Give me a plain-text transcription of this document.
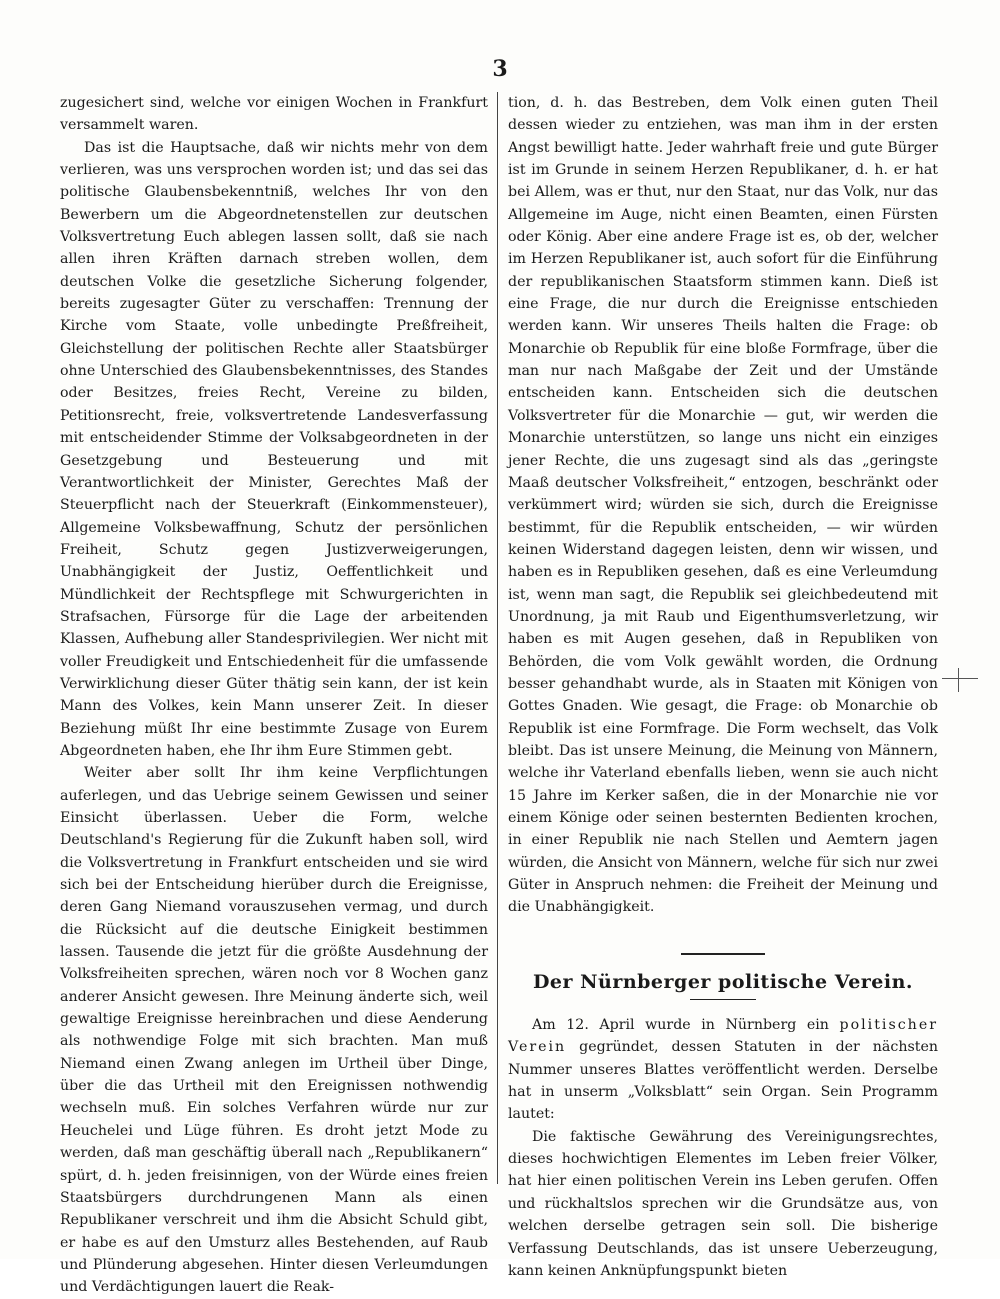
3

zugesichert sind, welche vor einigen Wochen in Frankfurt versammelt waren.

Das ist die Hauptsache, daß wir nichts mehr von dem verlieren, was uns versprochen worden ist; und das sei das politische Glaubensbekenntniß, welches Ihr von den Bewerbern um die Abgeordnetenstellen zur deutschen Volksvertretung Euch ablegen lassen sollt, daß sie nach allen ihren Kräften darnach streben wollen, dem deutschen Volke die gesetzliche Sicherung folgender, bereits zugesagter Güter zu verschaffen: Trennung der Kirche vom Staate, volle unbedingte Preßfreiheit, Gleichstellung der politischen Rechte aller Staatsbürger ohne Unterschied des Glaubensbekenntnisses, des Standes oder Besitzes, freies Recht, Vereine zu bilden, Petitionsrecht, freie, volksvertretende Landesverfassung mit entscheidender Stimme der Volksabgeordneten in der Gesetzgebung und Besteuerung und mit Verantwortlichkeit der Minister, Gerechtes Maß der Steuerpflicht nach der Steuerkraft (Einkommensteuer), Allgemeine Volksbewaffnung, Schutz der persönlichen Freiheit, Schutz gegen Justizverweigerungen, Unabhängigkeit der Justiz, Oeffentlichkeit und Mündlichkeit der Rechtspflege mit Schwurgerichten in Strafsachen, Fürsorge für die Lage der arbeitenden Klassen, Aufhebung aller Standesprivilegien. Wer nicht mit voller Freudigkeit und Entschiedenheit für die umfassende Verwirklichung dieser Güter thätig sein kann, der ist kein Mann des Volkes, kein Mann unserer Zeit. In dieser Beziehung müßt Ihr eine bestimmte Zusage von Eurem Abgeordneten haben, ehe Ihr ihm Eure Stimmen gebt.

Weiter aber sollt Ihr ihm keine Verpflichtungen auferlegen, und das Uebrige seinem Gewissen und seiner Einsicht überlassen. Ueber die Form, welche Deutschland's Regierung für die Zukunft haben soll, wird die Volksvertretung in Frankfurt entscheiden und sie wird sich bei der Entscheidung hierüber durch die Ereignisse, deren Gang Niemand vorauszusehen vermag, und durch die Rücksicht auf die deutsche Einigkeit bestimmen lassen. Tausende die jetzt für die größte Ausdehnung der Volksfreiheiten sprechen, wären noch vor 8 Wochen ganz anderer Ansicht gewesen. Ihre Meinung änderte sich, weil gewaltige Ereignisse hereinbrachen und diese Aenderung als nothwendige Folge mit sich brachten. Man muß Niemand einen Zwang anlegen im Urtheil über Dinge, über die das Urtheil mit den Ereignissen nothwendig wechseln muß. Ein solches Verfahren würde nur zur Heuchelei und Lüge führen. Es droht jetzt Mode zu werden, daß man geschäftig überall nach „Republikanern“ spürt, d. h. jeden freisinnigen, von der Würde eines freien Staatsbürgers durchdrungenen Mann als einen Republikaner verschreit und ihm die Absicht Schuld gibt, er habe es auf den Umsturz alles Bestehenden, auf Raub und Plünderung abgesehen. Hinter diesen Verleumdungen und Verdächtigungen lauert die Reak-

tion, d. h. das Bestreben, dem Volk einen guten Theil dessen wieder zu entziehen, was man ihm in der ersten Angst bewilligt hatte. Jeder wahrhaft freie und gute Bürger ist im Grunde in seinem Herzen Republikaner, d. h. er hat bei Allem, was er thut, nur den Staat, nur das Volk, nur das Allgemeine im Auge, nicht einen Beamten, einen Fürsten oder König. Aber eine andere Frage ist es, ob der, welcher im Herzen Republikaner ist, auch sofort für die Einführung der republikanischen Staatsform stimmen kann. Dieß ist eine Frage, die nur durch die Ereignisse entschieden werden kann. Wir unseres Theils halten die Frage: ob Monarchie ob Republik für eine bloße Formfrage, über die man nur nach Maßgabe der Zeit und der Umstände entscheiden kann. Entscheiden sich die deutschen Volksvertreter für die Monarchie — gut, wir werden die Monarchie unterstützen, so lange uns nicht ein einziges jener Rechte, die uns zugesagt sind als das „geringste Maaß deutscher Volksfreiheit,“ entzogen, beschränkt oder verkümmert wird; würden sie sich, durch die Ereignisse bestimmt, für die Republik entscheiden, — wir würden keinen Widerstand dagegen leisten, denn wir wissen, und haben es in Republiken gesehen, daß es eine Verleumdung ist, wenn man sagt, die Republik sei gleichbedeutend mit Unordnung, ja mit Raub und Eigenthumsverletzung, wir haben es mit Augen gesehen, daß in Republiken von Behörden, die vom Volk gewählt worden, die Ordnung besser gehandhabt wurde, als in Staaten mit Königen von Gottes Gnaden. Wie gesagt, die Frage: ob Monarchie ob Republik ist eine Formfrage. Die Form wechselt, das Volk bleibt. Das ist unsere Meinung, die Meinung von Männern, welche ihr Vaterland ebenfalls lieben, wenn sie auch nicht 15 Jahre im Kerker saßen, die in der Monarchie nie vor einem Könige oder seinen besternten Bedienten krochen, in einer Republik nie nach Stellen und Aemtern jagen würden, die Ansicht von Männern, welche für sich nur zwei Güter in Anspruch nehmen: die Freiheit der Meinung und die Unabhängigkeit.

Der Nürnberger politische Verein.

Am 12. April wurde in Nürnberg ein politischer Verein gegründet, dessen Statuten in der nächsten Nummer unseres Blattes veröffentlicht werden. Derselbe hat in unserm „Volksblatt“ sein Organ. Sein Programm lautet:

Die faktische Gewährung des Vereinigungsrechtes, dieses hochwichtigen Elementes im Leben freier Völker, hat hier einen politischen Verein ins Leben gerufen. Offen und rückhaltslos sprechen wir die Grundsätze aus, von welchen derselbe getragen sein soll. Die bisherige Verfassung Deutschlands, das ist unsere Ueberzeugung, kann keinen Anknüpfungspunkt bieten
